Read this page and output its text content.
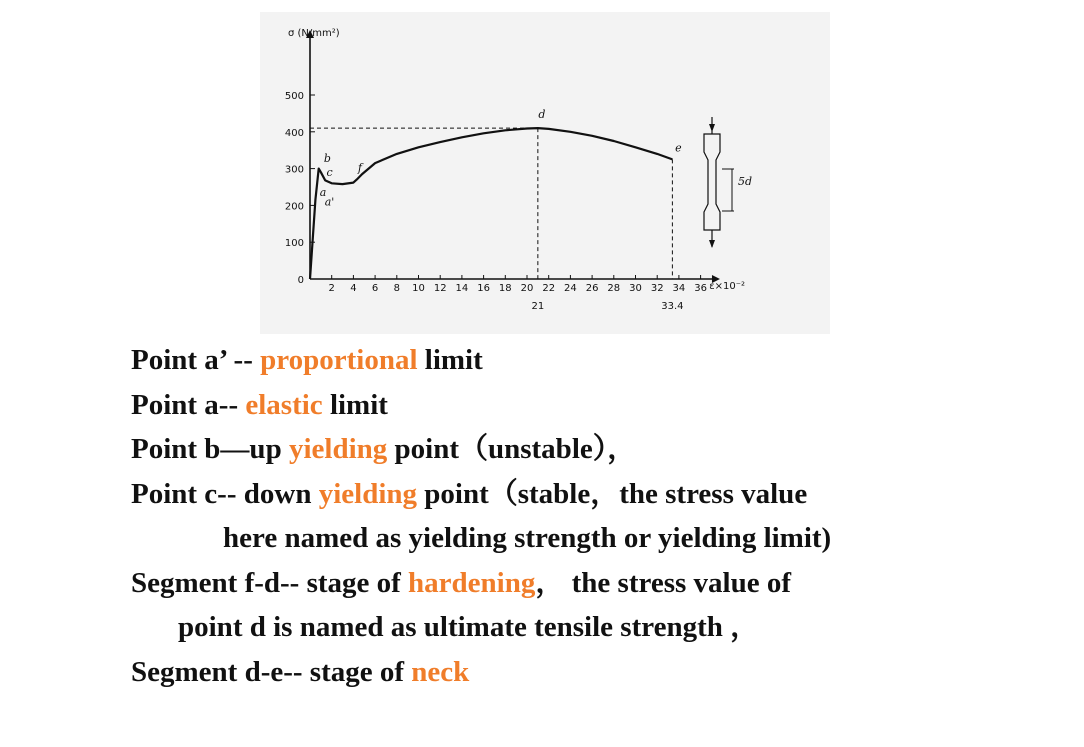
σ (N/mm²)
ε×10⁻²
0
100
200
300
400
500
2 4 6 8 10 12 14 16 18 20 22 24 26 28 30 32 34 36
21	33.4
a'
a
b
c f
d
e
5d
Point a’ -- proportional limit
Point a-- elastic limit
Point b—up yielding point（unstable），
Point c-- down yielding point（stable，the stress value
here named as yielding strength or yielding limit)
Segment f-d-- stage of hardening， the stress value of
point d is named as ultimate tensile strength ，
Segment d-e-- stage of neck
